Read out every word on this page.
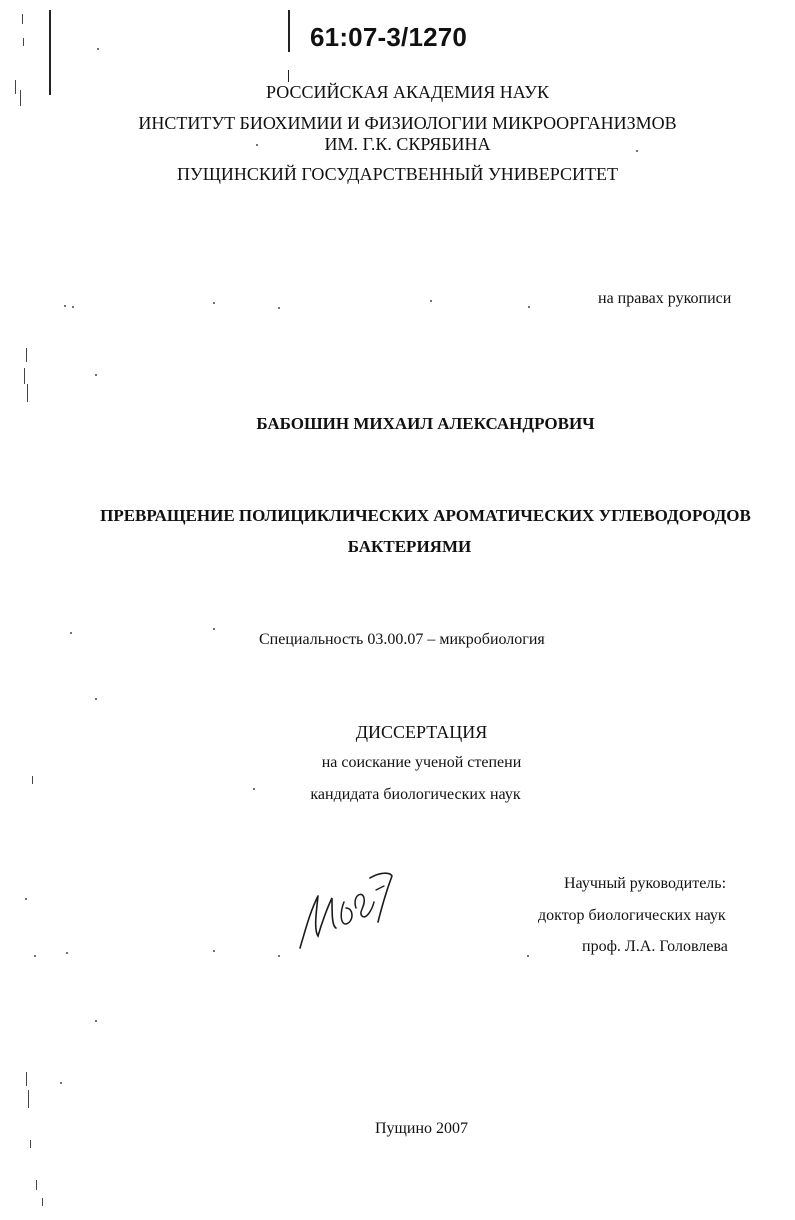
61:07-3/1270
РОССИЙСКАЯ АКАДЕМИЯ НАУК
ИНСТИТУТ БИОХИМИИ И ФИЗИОЛОГИИ МИКРООРГАНИЗМОВ
ИМ. Г.К. СКРЯБИНА
ПУЩИНСКИЙ ГОСУДАРСТВЕННЫЙ УНИВЕРСИТЕТ
на правах рукописи
БАБОШИН МИХАИЛ АЛЕКСАНДРОВИЧ
ПРЕВРАЩЕНИЕ ПОЛИЦИКЛИЧЕСКИХ АРОМАТИЧЕСКИХ УГЛЕВОДОРОДОВ
БАКТЕРИЯМИ
Специальность 03.00.07 – микробиология
ДИССЕРТАЦИЯ
на соискание ученой степени
кандидата биологических наук
Научный руководитель:
доктор биологических наук
проф. Л.А. Головлева
Пущино 2007
